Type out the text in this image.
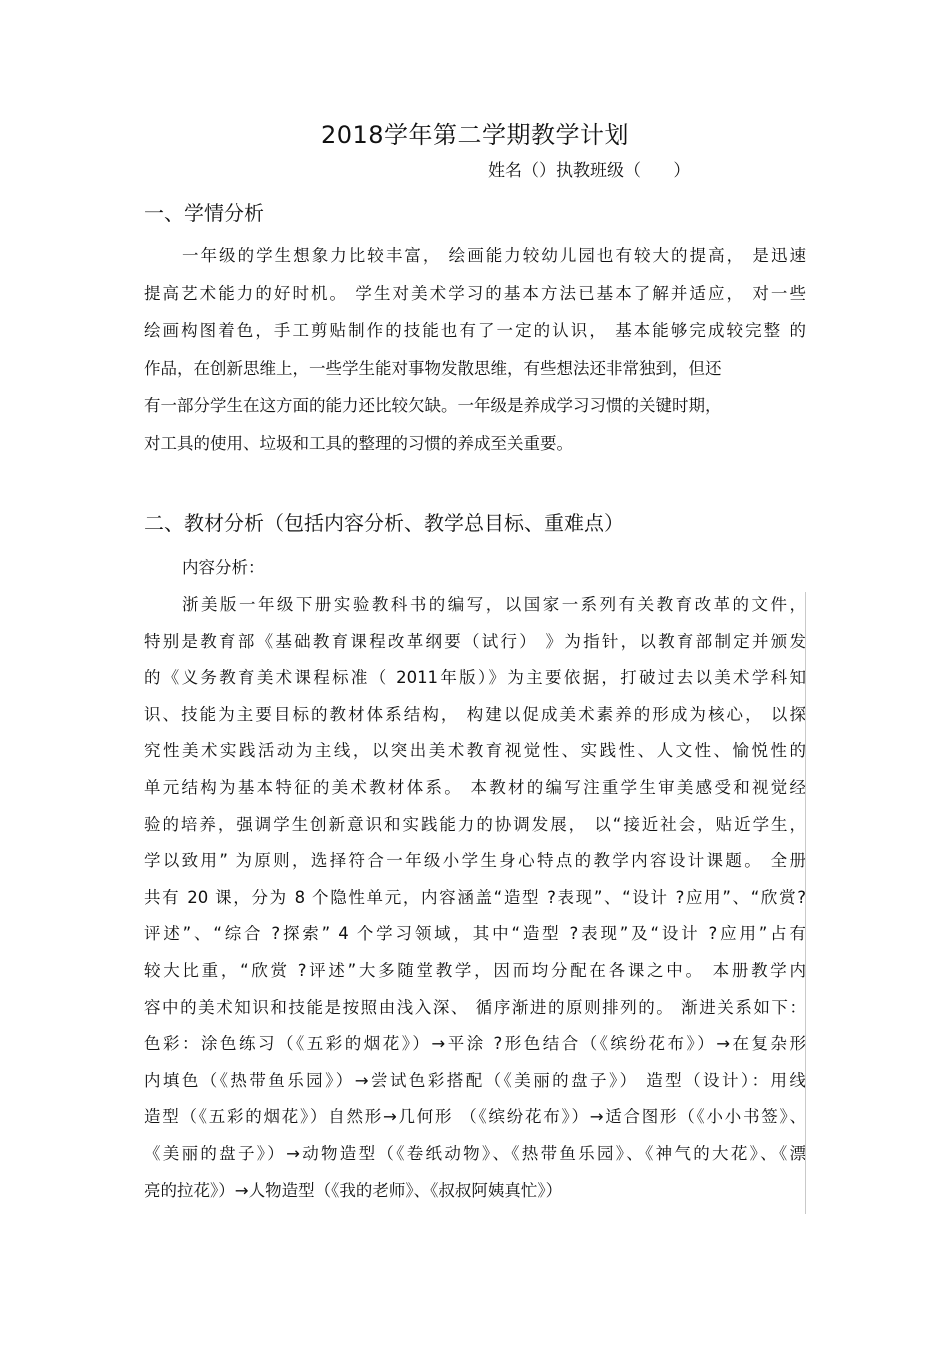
2018学年第二学期教学计划
姓名（）执教班级（      ）
一、学情分析
一年级的学生想象力比较丰富， 绘画能力较幼儿园也有较大的提高， 是迅速
提高艺术能力的好时机。 学生对美术学习的基本方法已基本了解并适应， 对一些
绘画构图着色，手工剪贴制作的技能也有了一定的认识， 基本能够完成较完整 的
作品，在创新思维上，一些学生能对事物发散思维，有些想法还非常独到，但还
有一部分学生在这方面的能力还比较欠缺。一年级是养成学习习惯的关键时期，
对工具的使用、垃圾和工具的整理的习惯的养成至关重要。
二、教材分析（包括内容分析、教学总目标、重难点）
内容分析：
浙美版一年级下册实验教科书的编写，以国家一系列有关教育改革的文件，
特别是教育部《基础教育课程改革纲要（试行） 》为指针，以教育部制定并颁发
的《义务教育美术课程标准（ 2011年版）》为主要依据，打破过去以美术学科知
识、技能为主要目标的教材体系结构， 构建以促成美术素养的形成为核心， 以探
究性美术实践活动为主线，以突出美术教育视觉性、实践性、人文性、愉悦性的
单元结构为基本特征的美术教材体系。 本教材的编写注重学生审美感受和视觉经
验的培养，强调学生创新意识和实践能力的协调发展， 以“接近社会，贴近学生，
学以致用” 为原则，选择符合一年级小学生身心特点的教学内容设计课题。 全册
共有 20 课，分为 8 个隐性单元，内容涵盖“造型 ?表现”、“设计 ?应用”、“欣赏?
评述”、“综合 ?探索” 4 个学习领域，其中“造型 ?表现”及“设计 ?应用”占有
较大比重，“欣赏 ?评述”大多随堂教学，因而均分配在各课之中。 本册教学内
容中的美术知识和技能是按照由浅入深、 循序渐进的原则排列的。 渐进关系如下：
色彩：涂色练习（《五彩的烟花》）→平涂 ?形色结合（《缤纷花布》）→在复杂形
内填色（《热带鱼乐园》）→尝试色彩搭配（《美丽的盘子》） 造型（设计）：用线
造型（《五彩的烟花》）自然形→几何形 （《缤纷花布》）→适合图形（《小小书签》、
《美丽的盘子》）→动物造型（《卷纸动物》、《热带鱼乐园》、《神气的大花》、《漂
亮的拉花》）→人物造型（《我的老师》、《叔叔阿姨真忙》）
